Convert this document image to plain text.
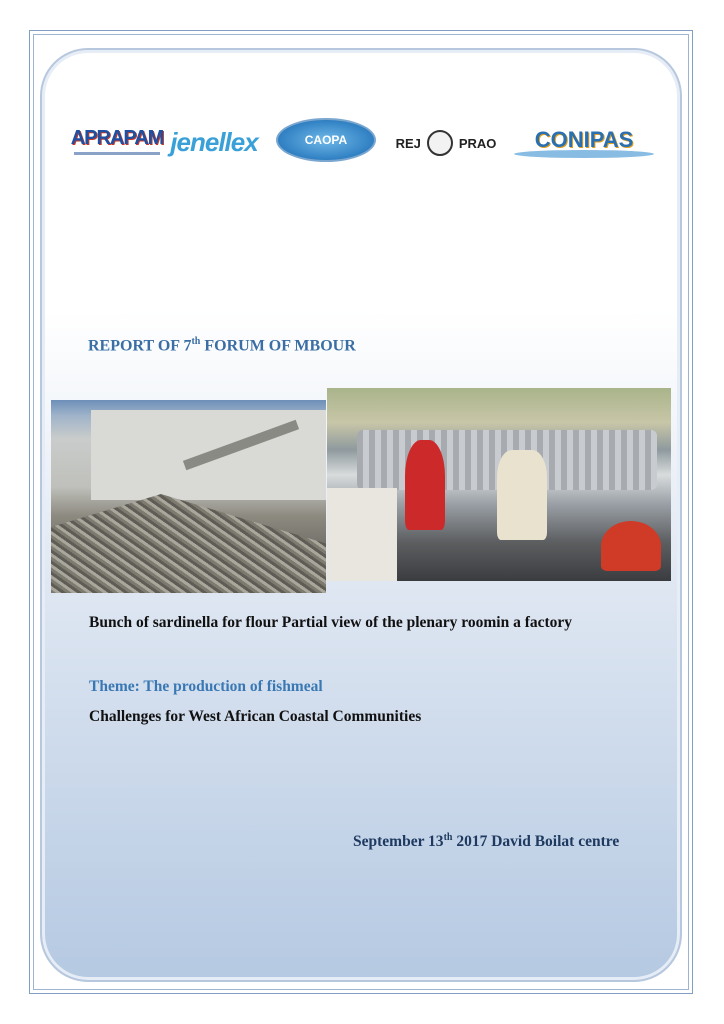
APRAPAM jenellex	CAOPA	REJ	PRAO CONIPAS
REPORT OF 7th FORUM OF MBOUR
Bunch of sardinella for flour Partial view of the plenary roomin a factory
Theme: The production of fishmeal
Challenges for West African Coastal Communities
September 13th 2017 David Boilat centre
